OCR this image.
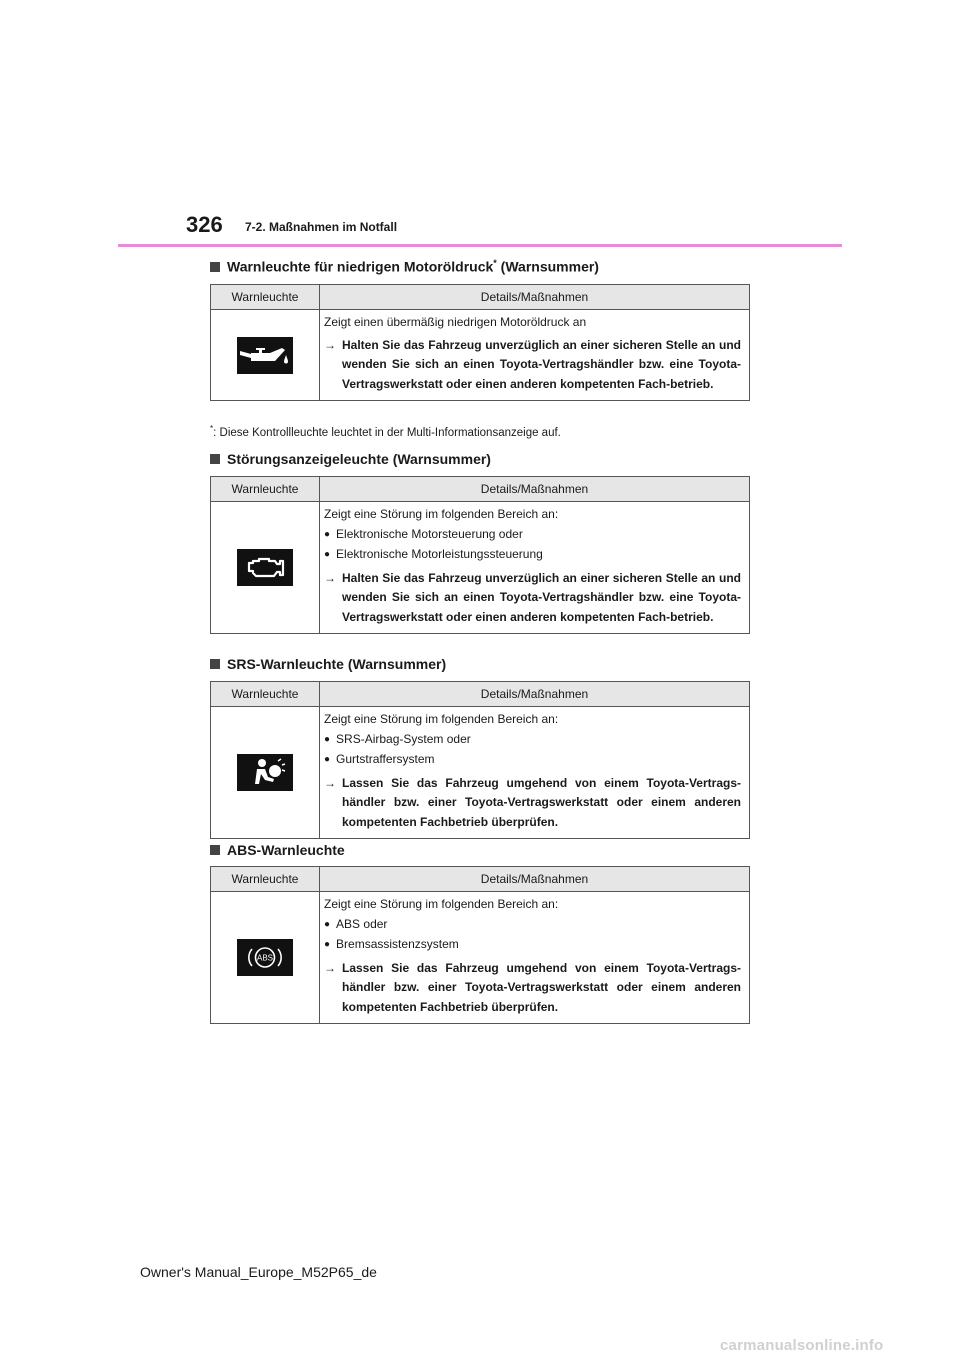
326 7-2. Maßnahmen im Notfall
Warnleuchte für niedrigen Motoröldruck* (Warnsummer)
Warnleuchte	Details/Maßnahmen

	Zeigt einen übermäßig niedrigen Motoröldruck an
→ Halten Sie das Fahrzeug unverzüglich an einer sicheren Stelle an und wenden Sie sich an einen Toyota-Vertragshändler bzw. eine Toyota-Vertragswerkstatt oder einen anderen kompetenten Fach-betrieb.
*: Diese Kontrollleuchte leuchtet in der Multi-Informationsanzeige auf.
Störungsanzeigeleuchte (Warnsummer)
Warnleuchte	Details/Maßnahmen

	Zeigt eine Störung im folgenden Bereich an:
● Elektronische Motorsteuerung oder
● Elektronische Motorleistungssteuerung
→ Halten Sie das Fahrzeug unverzüglich an einer sicheren Stelle an und wenden Sie sich an einen Toyota-Vertragshändler bzw. eine Toyota-Vertragswerkstatt oder einen anderen kompetenten Fach-betrieb.
SRS-Warnleuchte (Warnsummer)
Warnleuchte	Details/Maßnahmen

	Zeigt eine Störung im folgenden Bereich an:
● SRS-Airbag-System oder
● Gurtstraffersystem
→ Lassen Sie das Fahrzeug umgehend von einem Toyota-Vertrags-händler bzw. einer Toyota-Vertragswerkstatt oder einem anderen kompetenten Fachbetrieb überprüfen.
ABS-Warnleuchte
Warnleuchte	Details/Maßnahmen

ABS	Zeigt eine Störung im folgenden Bereich an:
● ABS oder
● Bremsassistenzsystem
→ Lassen Sie das Fahrzeug umgehend von einem Toyota-Vertrags-händler bzw. einer Toyota-Vertragswerkstatt oder einem anderen kompetenten Fachbetrieb überprüfen.
Owner's Manual_Europe_M52P65_de
carmanualsonline.info
